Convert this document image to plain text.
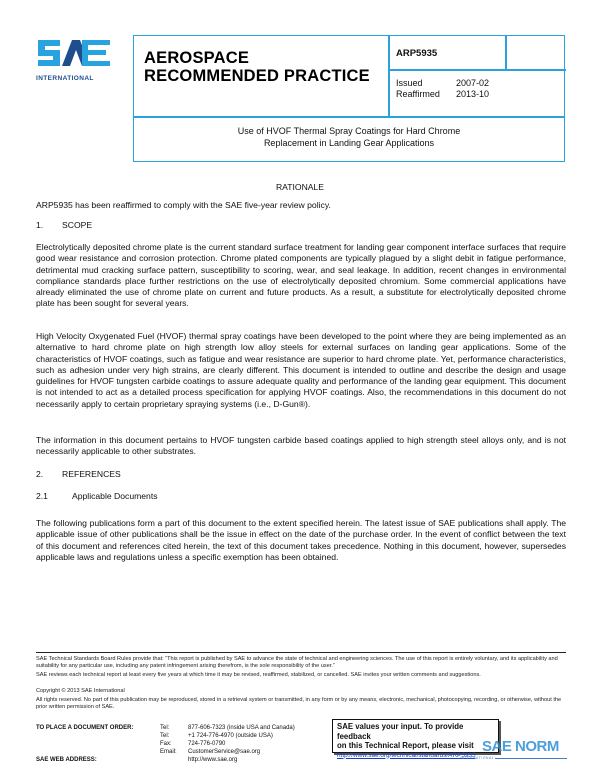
INTERNATIONAL
AEROSPACE
RECOMMENDED PRACTICE
ARP5935
Issued	2007-02
Reaffirmed	2013-10
Use of HVOF Thermal Spray Coatings for Hard Chrome
Replacement in Landing Gear Applications
RATIONALE
ARP5935 has been reaffirmed to comply with the SAE five-year review policy.
1. SCOPE
Electrolytically deposited chrome plate is the current standard surface treatment for landing gear component interface surfaces that require good wear resistance and corrosion protection. Chrome plated components are typically plagued by a slight debit in fatigue performance, detrimental mud cracking surface pattern, susceptibility to scoring, wear, and seal leakage. In addition, recent changes in environmental compliance standards place further restrictions on the use of electrolytically deposited chromium. Some commercial applications have already eliminated the use of chrome plate on current and future products. As a result, a substitute for electrolytically deposited chrome plate has been sought for several years.
High Velocity Oxygenated Fuel (HVOF) thermal spray coatings have been developed to the point where they are being implemented as an alternative to hard chrome plate on high strength low alloy steels for external surfaces on landing gear applications. Some of the characteristics of HVOF coatings, such as fatigue and wear resistance are superior to hard chrome plate. Yet, performance characteristics, such as adhesion under very high strains, are clearly different. This document is intended to outline and describe the design and usage guidelines for HVOF tungsten carbide coatings to assure adequate quality and performance of the landing gear equipment. This document is not intended to act as a detailed process specification for applying HVOF coatings. Also, the recommendations in this document do not necessarily apply to certain proprietary spraying systems (i.e., D-Gun®).
The information in this document pertains to HVOF tungsten carbide based coatings applied to high strength steel alloys only, and is not necessarily applicable to other substrates.
2. REFERENCES
2.1	Applicable Documents
The following publications form a part of this document to the extent specified herein. The latest issue of SAE publications shall apply. The applicable issue of other publications shall be the issue in effect on the date of the purchase order. In the event of conflict between the text of this document and references cited herein, the text of this document takes precedence. Nothing in this document, however, supersedes applicable laws and regulations unless a specific exemption has been obtained.
SAE Technical Standards Board Rules provide that: “This report is published by SAE to advance the state of technical and engineering sciences. The use of this report is entirely voluntary, and its applicability and suitability for any particular use, including any patent infringement arising therefrom, is the sole responsibility of the user.”
SAE reviews each technical report at least every five years at which time it may be revised, reaffirmed, stabilized, or cancelled. SAE invites your written comments and suggestions.
Copyright © 2013 SAE International
All rights reserved. No part of this publication may be reproduced, stored in a retrieval system or transmitted, in any form or by any means, electronic, mechanical, photocopying, recording, or otherwise, without the prior written permission of SAE.
TO PLACE A DOCUMENT ORDER:	Tel:	877-606-7323 (inside USA and Canada)
Tel:	+1 724-776-4970 (outside USA)
Fax:	724-776-0790
Email: CustomerService@sae.org
SAE WEB ADDRESS:	http://www.sae.org
SAE values your input. To provide feedback
on this Technical Report, please visit
http://www.sae.org/technical/standards/ARP5935 SAE NORM
INTERNATIONAL
